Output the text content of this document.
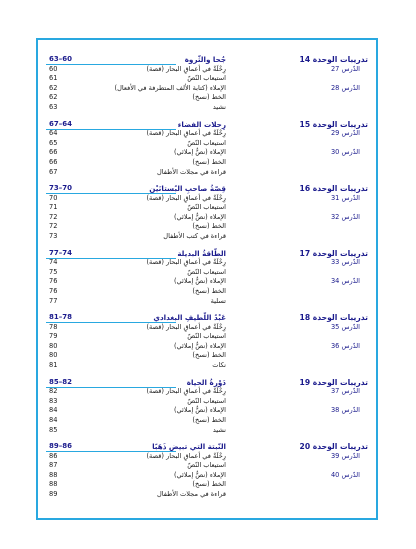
63–60	جُحا والثّروة	تدريبات الوحدة 14
60	رِحْلَةٌ في أعماقِ البحار (قصة)	الدّرس 27
61	استيعاب النّصّ
62	الإملاء (كتابة الألف المتطرفة في الأفعال)	الدّرس 28
62	الخط (نسخ)
63	نشيد
67–64	رِحلات الفضاء	تدريبات الوحدة 15
64	رِحْلَةٌ في أعماقِ البحار (قصة)	الدّرس 29
65	استيعاب النّصّ
66	الإملاء (نصٌّ إملائي)	الدّرس 30
66	الخط (نسخ)
67	قراءة في مجلات الأطفال
73–70	قِصّةُ صاحبِ البُستانَيْن	تدريبات الوحدة 16
70	رِحْلَةٌ في أعماقِ البحار (قصة)	الدّرس 31
71	استيعاب النّصّ
72	الإملاء (نصٌّ إملائي)	الدّرس 32
72	الخط (نسخ)
73	قراءة في كتب الأطفال
77–74	الطّاقةُ البديلة	تدريبات الوحدة 17
74	رِحْلَةٌ في أعماقِ البحار (قصة)	الدّرس 33
75	استيعاب النّصّ
76	الإملاء (نصٌّ إملائي)	الدّرس 34
76	الخط (نسخ)
77	تسلية
81–78	عَبْدُ اللّطيفِ البغدادي	تدريبات الوحدة 18
78	رِحْلَةٌ في أعماقِ البحار (قصة)	الدّرس 35
79	استيعاب النّصّ
80	الإملاء (نصٌّ إملائي)	الدّرس 36
80	الخط (نسخ)
81	نكات
85–82	دَوْرةُ الحياة	تدريبات الوحدة 19
82	رِحْلَةٌ في أعماقِ البحار (قصة)	الدّرس 37
83	استيعاب النّصّ
84	الإملاء (نصٌّ إملائي)	الدّرس 38
84	الخط (نسخ)
85	نشيد
89–86	النّبتة التي تبيض ذَهَبًا	تدريبات الوحدة 20
86	رِحْلَةٌ في أعماقِ البحار (قصة)	الدّرس 39
87	استيعاب النّصّ
88	الإملاء (نصٌّ إملائي)	الدّرس 40
88	الخط (نسخ)
89	قراءة في مجلات الأطفال
